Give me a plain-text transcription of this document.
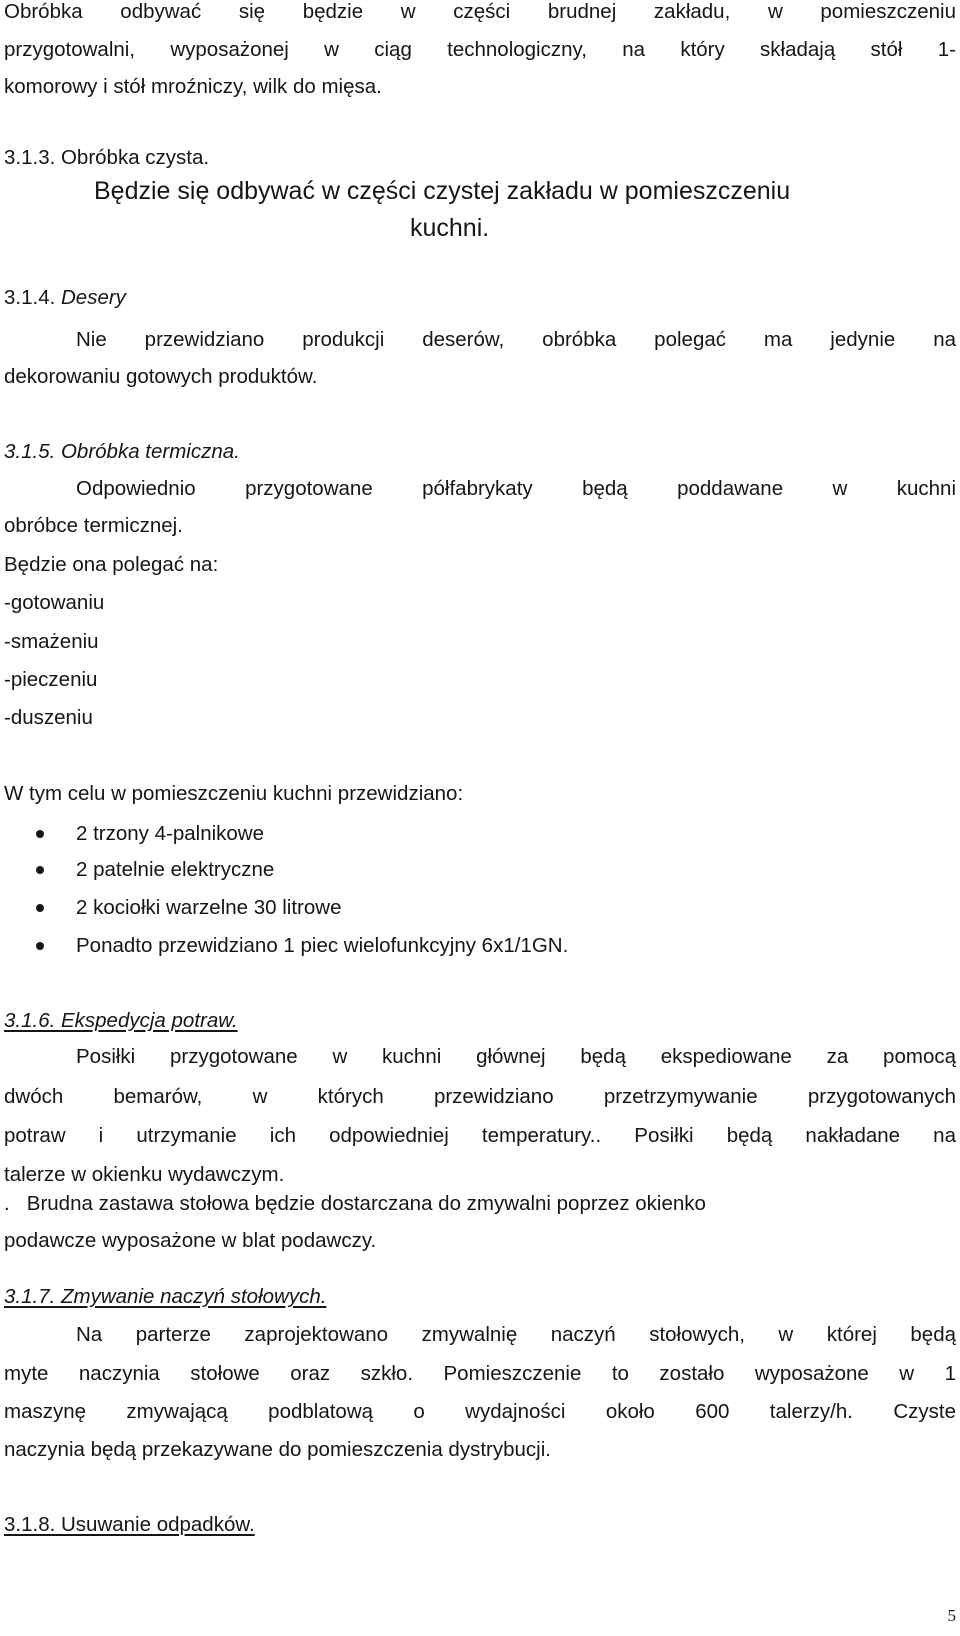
Obróbka odbywać się będzie w części brudnej zakładu, w pomieszczeniu
przygotowalni, wyposażonej w ciąg technologiczny, na który składają stół 1-
komorowy i stół mroźniczy, wilk do mięsa.
3.1.3. Obróbka czysta.
Będzie się odbywać w części czystej zakładu w pomieszczeniu
kuchni.
3.1.4. Desery
Nie przewidziano produkcji deserów, obróbka polegać ma jedynie na
dekorowaniu gotowych produktów.
3.1.5. Obróbka termiczna.
Odpowiednio przygotowane półfabrykaty będą poddawane w kuchni
obróbce termicznej.
Będzie ona polegać na:
-gotowaniu
-smażeniu
-pieczeniu
-duszeniu
W tym celu w pomieszczeniu kuchni przewidziano:
2 trzony 4-palnikowe
2 patelnie elektryczne
2 kociołki warzelne 30 litrowe
Ponadto przewidziano 1 piec wielofunkcyjny 6x1/1GN.
3.1.6. Ekspedycja potraw.
Posiłki przygotowane w kuchni głównej będą ekspediowane za pomocą
dwóch bemarów, w których przewidziano przetrzymywanie przygotowanych
potraw i utrzymanie ich odpowiedniej temperatury.. Posiłki będą nakładane na
talerze w okienku wydawczym.
.   Brudna zastawa stołowa będzie dostarczana do zmywalni poprzez okienko
podawcze wyposażone w blat podawczy.
3.1.7. Zmywanie naczyń stołowych.
Na parterze zaprojektowano zmywalnię naczyń stołowych, w której będą
myte naczynia stołowe oraz szkło. Pomieszczenie to zostało wyposażone w 1
maszynę zmywającą podblatową o wydajności około 600 talerzy/h. Czyste
naczynia będą przekazywane do pomieszczenia dystrybucji.
3.1.8. Usuwanie odpadków.
5
